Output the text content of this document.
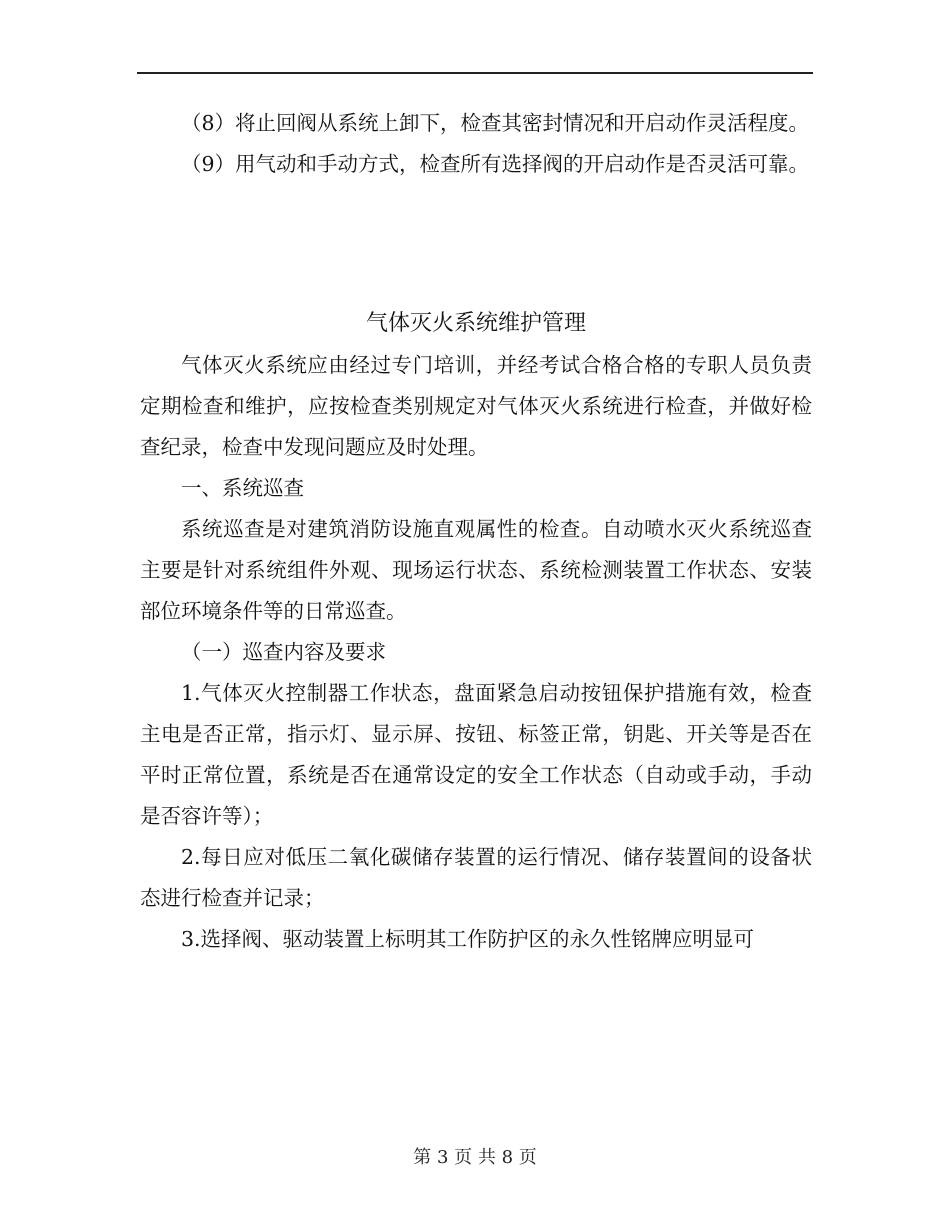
（8）将止回阀从系统上卸下，检查其密封情况和开启动作灵活程度。

（9）用气动和手动方式，检查所有选择阀的开启动作是否灵活可靠。

气体灭火系统维护管理

气体灭火系统应由经过专门培训，并经考试合格合格的专职人员负责定期检查和维护，应按检查类别规定对气体灭火系统进行检查，并做好检查纪录，检查中发现问题应及时处理。

一、系统巡查

系统巡查是对建筑消防设施直观属性的检查。自动喷水灭火系统巡查主要是针对系统组件外观、现场运行状态、系统检测装置工作状态、安装部位环境条件等的日常巡查。

（一）巡查内容及要求

1.气体灭火控制器工作状态，盘面紧急启动按钮保护措施有效，检查主电是否正常，指示灯、显示屏、按钮、标签正常，钥匙、开关等是否在平时正常位置，系统是否在通常设定的安全工作状态（自动或手动，手动是否容许等）；

2.每日应对低压二氧化碳储存装置的运行情况、储存装置间的设备状态进行检查并记录；

3.选择阀、驱动装置上标明其工作防护区的永久性铭牌应明显可

第 3 页 共 8 页
